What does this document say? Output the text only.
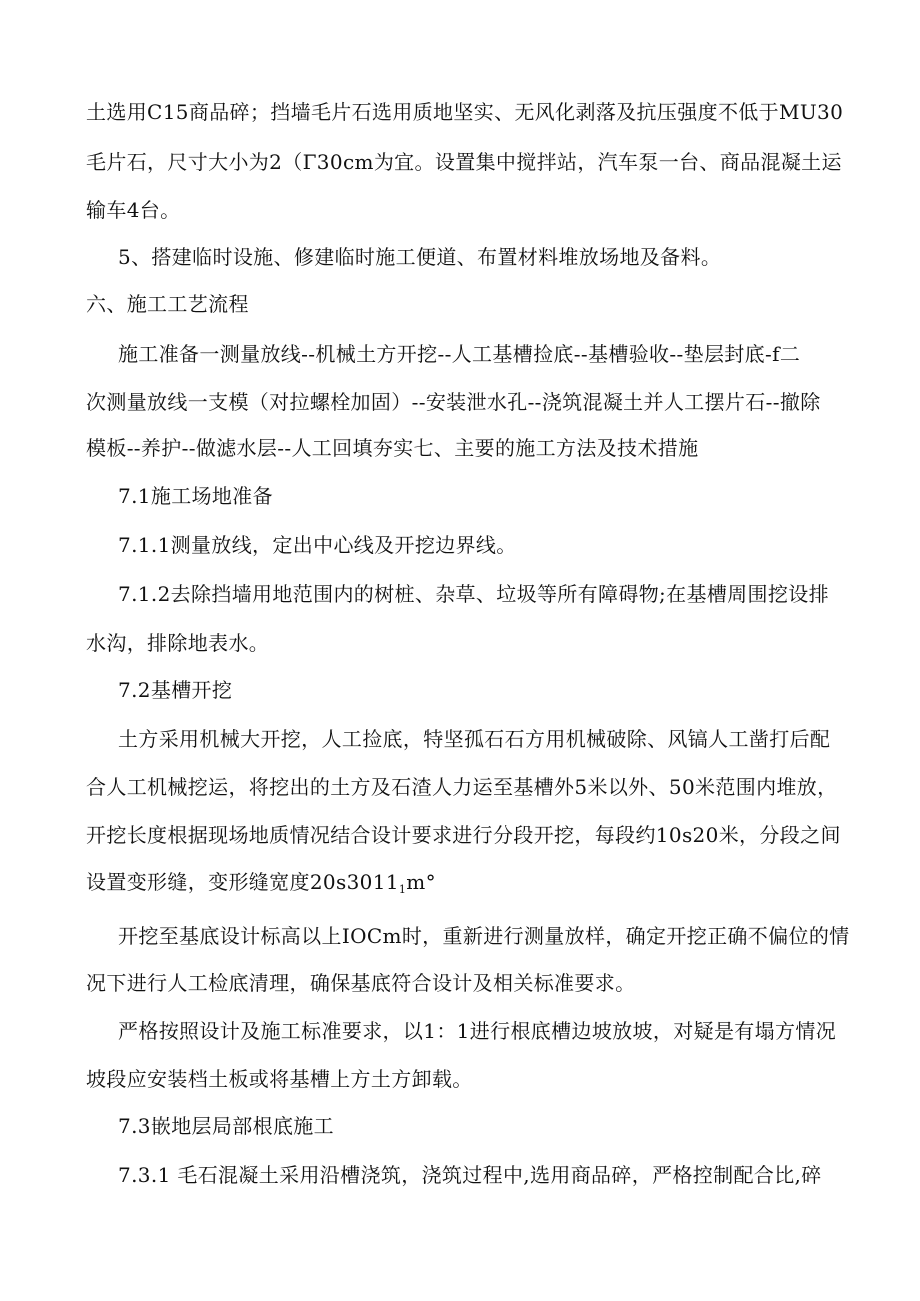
土选用C15商品碎；挡墙毛片石选用质地坚实、无风化剥落及抗压强度不低于MU30
毛片石，尺寸大小为2（Γ30cm为宜。设置集中搅拌站，汽车泵一台、商品混凝土运
输车4台。
5、搭建临时设施、修建临时施工便道、布置材料堆放场地及备料。
六、施工工艺流程
施工准备一测量放线--机械土方开挖--人工基槽捡底--基槽验收--垫层封底-f二
次测量放线一支模（对拉螺栓加固）--安装泄水孔--浇筑混凝土并人工摆片石--撤除
模板--养护--做滤水层--人工回填夯实七、主要的施工方法及技术措施
7.1施工场地准备
7.1.1测量放线，定出中心线及开挖边界线。
7.1.2去除挡墙用地范围内的树桩、杂草、垃圾等所有障碍物;在基槽周围挖设排
水沟，排除地表水。
7.2基槽开挖
土方采用机械大开挖，人工捡底，特坚孤石石方用机械破除、风镐人工凿打后配
合人工机械挖运，将挖出的土方及石渣人力运至基槽外5米以外、50米范围内堆放，
开挖长度根据现场地质情况结合设计要求进行分段开挖，每段约10s20米，分段之间
设置变形缝，变形缝宽度$20s3011_1m^\circ$
开挖至基底设计标高以上IOCm时，重新进行测量放样，确定开挖正确不偏位的情
况下进行人工检底清理，确保基底符合设计及相关标准要求。
严格按照设计及施工标准要求，以1：1进行根底槽边坡放坡，对疑是有塌方情况
坡段应安装档土板或将基槽上方土方卸载。
7.3嵌地层局部根底施工
7.3.1 毛石混凝土采用沿槽浇筑，浇筑过程中,选用商品碎，严格控制配合比,碎
